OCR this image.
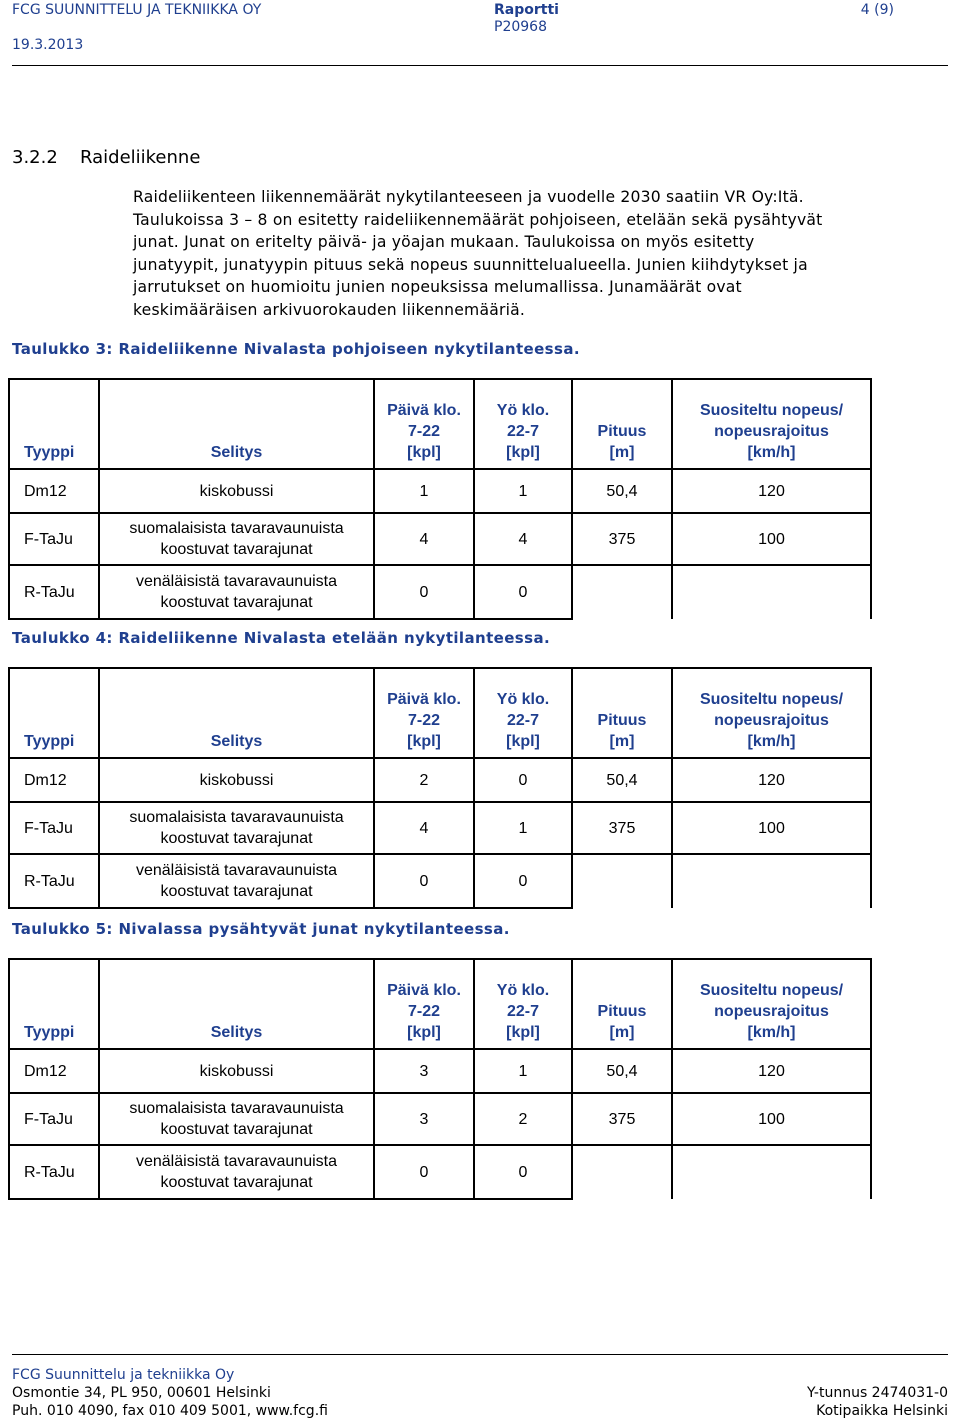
FCG SUUNNITTELU JA TEKNIIKKA OY
19.3.2013
Raportti
P20968
4 (9)
3.2.2 Raideliikenne
Raideliikenteen liikennemäärät nykytilanteeseen ja vuodelle 2030 saatiin VR Oy:Itä.
Taulukoissa 3 – 8 on esitetty raideliikennemäärät pohjoiseen, etelään sekä pysähtyvät
junat. Junat on eritelty päivä- ja yöajan mukaan. Taulukoissa on myös esitetty
junatyypit, junatyypin pituus sekä nopeus suunnittelualueella. Junien kiihdytykset ja
jarrutukset on huomioitu junien nopeuksissa melumallissa. Junamäärät ovat
keskimääräisen arkivuorokauden liikennemääriä.
Taulukko 3: Raideliikenne Nivalasta pohjoiseen nykytilanteessa.
Tyyppi	Selitys	Päivä klo.
7-22
[kpl]	Yö klo.
22-7
[kpl]	Pituus
[m]	Suositeltu nopeus/
nopeusrajoitus
[km/h]
Dm12	kiskobussi	1	1	50,4	120
F-TaJu	suomalaisista tavaravaunuista
koostuvat tavarajunat	4	4	375	100
R-TaJu	venäläisistä tavaravaunuista
koostuvat tavarajunat	0	0		
Taulukko 4: Raideliikenne Nivalasta etelään nykytilanteessa.
Tyyppi	Selitys	Päivä klo.
7-22
[kpl]	Yö klo.
22-7
[kpl]	Pituus
[m]	Suositeltu nopeus/
nopeusrajoitus
[km/h]
Dm12	kiskobussi	2	0	50,4	120
F-TaJu	suomalaisista tavaravaunuista
koostuvat tavarajunat	4	1	375	100
R-TaJu	venäläisistä tavaravaunuista
koostuvat tavarajunat	0	0		
Taulukko 5: Nivalassa pysähtyvät junat nykytilanteessa.
Tyyppi	Selitys	Päivä klo.
7-22
[kpl]	Yö klo.
22-7
[kpl]	Pituus
[m]	Suositeltu nopeus/
nopeusrajoitus
[km/h]
Dm12	kiskobussi	3	1	50,4	120
F-TaJu	suomalaisista tavaravaunuista
koostuvat tavarajunat	3	2	375	100
R-TaJu	venäläisistä tavaravaunuista
koostuvat tavarajunat	0	0		
FCG Suunnittelu ja tekniikka Oy
Osmontie 34, PL 950, 00601 Helsinki
Puh. 010 4090, fax 010 409 5001, www.fcg.fi
Y-tunnus 2474031-0
Kotipaikka Helsinki
